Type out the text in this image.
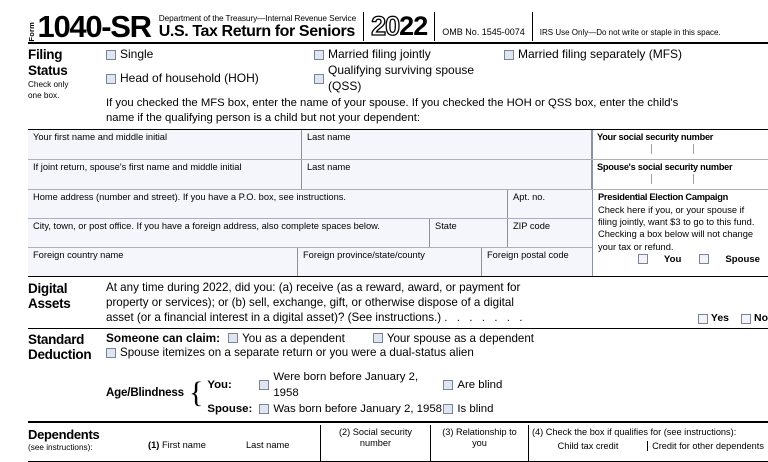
Form 1040-SR Department of the Treasury—Internal Revenue Service
U.S. Tax Return for Seniors 2022 OMB No. 1545-0074 IRS Use Only—Do not write or staple in this space.
Filing
Status
Check only
one box.
Single	Married filing jointly	Married filing separately (MFS)
Head of household (HOH)
Qualifying surviving spouse (QSS)
If you checked the MFS box, enter the name of your spouse. If you checked the HOH or QSS box, enter the child's
name if the qualifying person is a child but not your dependent:
Your first name and middle initial	Last name	Your social security number
If joint return, spouse's first name and middle initial	Last name	Spouse's social security number
Home address (number and street). If you have a P.O. box, see instructions.	Apt. no.
City, town, or post office. If you have a foreign address, also complete spaces below.	State	ZIP code
Foreign country name	Foreign province/state/county	Foreign postal code
Presidential Election Campaign
Check here if you, or your spouse if filing jointly, want $3 to go to this fund. Checking a box below will not change your tax or refund.
You	Spouse
Digital
Assets
At any time during 2022, did you: (a) receive (as a reward, award, or payment for
property or services); or (b) sell, exchange, gift, or otherwise dispose of a digital
asset (or a financial interest in a digital asset)? (See instructions.) . . . . . . .	Yes No
Standard
Deduction
Someone can claim: You as a dependent	Your spouse as a dependent
Spouse itemizes on a separate return or you were a dual-status alien
Age/Blindness { You:
Were born before January 2, 1958
Are blind
Spouse:	Was born before January 2, 1958 Is blind
Dependents
(see instructions):	(1) First name	Last name
(2) Social security number
(3) Relationship to
you
(4) Check the box if qualifies for (see instructions):
Child tax credit	Credit for other dependents
